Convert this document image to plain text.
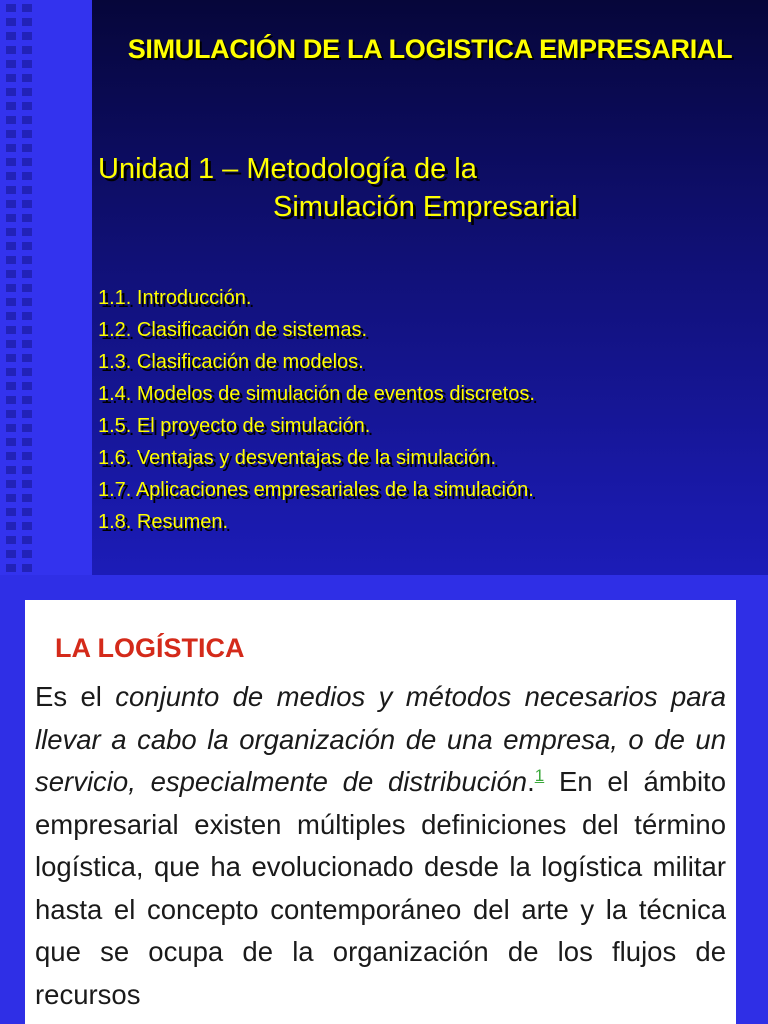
SIMULACIÓN DE LA LOGISTICA EMPRESARIAL
Unidad 1 – Metodología de la
Simulación Empresarial
1.1. Introducción.
1.2. Clasificación de sistemas.
1.3. Clasificación de modelos.
1.4. Modelos de simulación de eventos discretos.
1.5. El proyecto de simulación.
1.6. Ventajas y desventajas de la simulación.
1.7. Aplicaciones empresariales de la simulación.
1.8. Resumen.
LA LOGÍSTICA

Es el conjunto de medios y métodos necesarios para llevar a cabo la organización de una empresa, o de un servicio, especialmente de distribución.$^1$ En el ámbito empresarial existen múltiples definiciones del término logística, que ha evolucionado desde la logística militar hasta el concepto contemporáneo del arte y la técnica que se ocupa de la organización de los flujos de recursos
